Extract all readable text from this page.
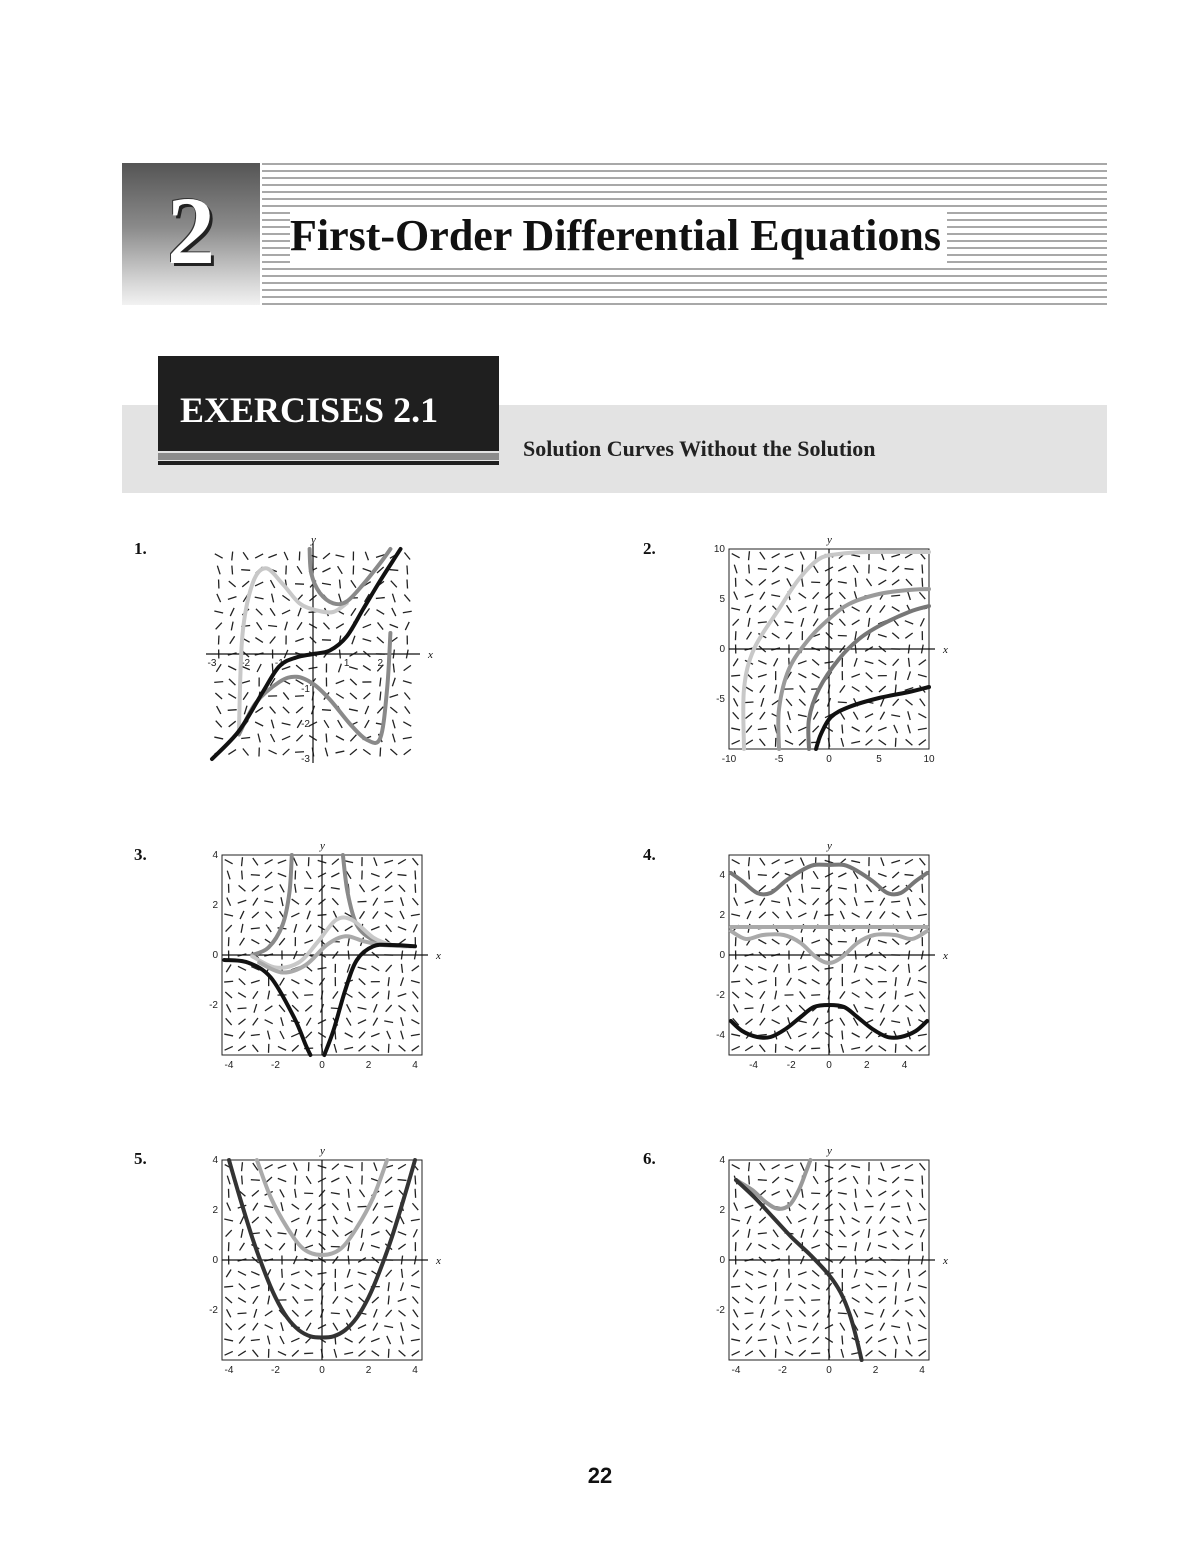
2	First-Order Differential Equations
EXERCISES 2.1
Solution Curves Without the Solution
1.	2.
3.	4.
5.	6.
x
y
-3 -2 -1	1	2
-1
-2
-3
x
y
-10	-5	0	5	10
10
5
0
-5
x
y
-4	-2	0	2	4
4
2
0
-2
x
y
-4	-2	0	2	4
4
2
0
-2
-4
x
y
-4	-2	0	2	4
4
2
0
-2
x
y
-4	-2	0	2	4
4
2
0
-2
22
